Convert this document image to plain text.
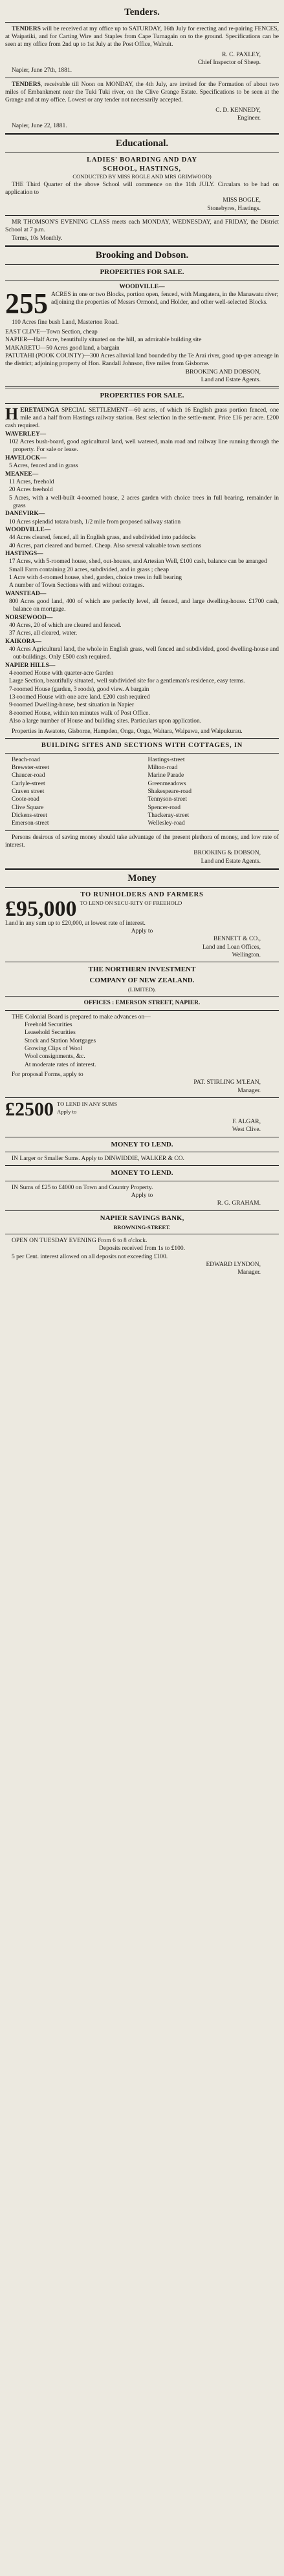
Tenders.
TENDERS will be received at my office up to SATURDAY, 16th July for erecting and re-pairing FENCES, at Waipatiki, and for Carting Wire and Staples from Cape Turnagain on to the ground. Specifications can be seen at my office from 2nd up to 1st July at the Post Office, Walruit.
R. C. PAXLEY,
Chief Inspector of Sheep.
Napier, June 27th, 1881.
TENDERS, receivable till Noon on MONDAY, the 4th July, are invited for the Formation of about two miles of Embankment near the Tuki Tuki river, on the Clive Grange Estate. Specifications to be seen at the Grange and at my office. Lowest or any tender not necessarily accepted.
C. D. KENNEDY,
Engineer.
Napier, June 22, 1881.
Educational.
LADIES' BOARDING AND DAY
SCHOOL, HASTINGS,
CONDUCTED BY MISS ROGLE AND MRS GRIMWOOD)
THE Third Quarter of the above School will commence on the 11th JULY. Circulars to be had on application to
MISS BOGLE,
Stonebyres, Hastings.
MR THOMSON'S EVENING CLASS meets each MONDAY, WEDNESDAY, and FRIDAY, the District School at 7 p.m.
Terms, 10s Monthly.
Brooking and Dobson.
PROPERTIES FOR SALE.
WOODVILLE—
255 ACRES in one or two Blocks, portion open, fenced, with Mangatera, in the Manawatu river; adjoining the properties of Messrs Ormond, and Holder, and other well-selected Blocks.
110 Acres fine bush Land, Masterton Road.
EAST CLIVE—Town Section, cheap
NAPIER—Half Acre, beautifully situated on the hill, an admirable building site
MAKARETU—50 Acres good land, a bargain
PATUTAHI (POOK COUNTY)—300 Acres alluvial land bounded by the Te Arai river, good up-per acreage in the district; adjoining property of Hon. Randall Johnson, five miles from Gisborne.
BROOKING AND DOBSON,
Land and Estate Agents.
PROPERTIES FOR SALE.
HERETAUNGA SPECIAL SETTLEMENT—60 acres, of which 16 English grass portion fenced, one mile and a half from Hastings railway station. Best selection in the settle-ment. Price £16 per acre. £200 cash required.
WAVERLEY—
102 Acres bush-board, good agricultural land, well watered, main road and railway line running through the property. For sale or lease.
HAVELOCK—
5 Acres, fenced and in grass
MEANEE—
11 Acres, freehold
20 Acres freehold
5 Acres, with a well-built 4-roomed house, 2 acres garden with choice trees in full bearing, remainder in grass
DANEVIRK—
10 Acres splendid totara bush, 1/2 mile from proposed railway station
WOODVILLE—
44 Acres cleared, fenced, all in English grass, and subdivided into paddocks
40 Acres, part cleared and burned. Cheap. Also several valuable town sections
HASTINGS—
17 Acres, with 5-roomed house, shed, out-houses, and Artesian Well, £100 cash, balance can be arranged
Small Farm containing 20 acres, subdivided, and in grass ; cheap
1 Acre with 4-roomed house, shed, garden, choice trees in full bearing
A number of Town Sections with and without cottages.
WANSTEAD—
800 Acres good land, 400 of which are perfectly level, all fenced, and large dwelling-house. £1700 cash, balance on mortgage.
NORSEWOOD—
40 Acres, 20 of which are cleared and fenced.
37 Acres, all cleared, water.
KAIKORA—
40 Acres Agricultural land, the whole in English grass, well fenced and subdivided, good dwelling-house and out-buildings. Only £500 cash required.
NAPIER HILLS—
4-roomed House with quarter-acre Garden
Large Section, beautifully situated, well subdivided site for a gentleman's residence, easy terms.
7-roomed House (garden, 3 roods), good view. A bargain
13-roomed House with one acre land. £200 cash required
9-roomed Dwelling-house, best situation in Napier
8-roomed House, within ten minutes walk of Post Office.
Also a large number of House and building sites. Particulars upon application.
Properties in Awatoto, Gisborne, Hampden, Onga, Onga, Waitara, Waipawa, and Waipukurau.
BUILDING SITES AND SECTIONS WITH COTTAGES, IN
Beach-road	Hastings-street
Brewster-street	Milton-road
Chaucer-road	Marine Parade
Carlyle-street	Greenmeadows
Craven street	Shakespeare-road
Coote-road	Tennyson-street
Clive Square	Spencer-road
Dickens-street	Thackeray-street
Emerson-street	Wellesley-road
Persons desirous of saving money should take advantage of the present plethora of money, and low rate of interest.
BROOKING & DOBSON,
Land and Estate Agents.
Money
TO RUNHOLDERS AND FARMERS
£95,000 TO LEND ON SECU-RITY OF FREEHOLD
Land in any sum up to £20,000, at lowest rate of interest.
Apply to
BENNETT & CO.,
Land and Loan Offices,
Wellington.
THE NORTHERN INVESTMENT
COMPANY OF NEW ZEALAND.
(LIMITED).
OFFICES : EMERSON STREET, NAPIER.
THE Colonial Board is prepared to make advances on—
Freehold Securities
Leasehold Securities
Stock and Station Mortgages
Growing Clips of Wool
Wool consignments, &c.
At moderate rates of interest.
For proposal Forms, apply to
PAT. STIRLING M'LEAN,
Manager.
£2500 TO LEND IN ANY SUMS
Apply to
F. ALGAR,
West Clive.
MONEY TO LEND.
IN Larger or Smaller Sums. Apply to DINWIDDIE, WALKER & CO.
MONEY TO LEND.
IN Sums of £25 to £4000 on Town and Country Property.
Apply to
R. G. GRAHAM.
NAPIER SAVINGS BANK,
BROWNING-STREET.
OPEN ON TUESDAY EVENING From 6 to 8 o'clock.
Deposits received from 1s to £100.
5 per Cent. interest allowed on all deposits not exceeding £100.
EDWARD LYNDON,
Manager.
